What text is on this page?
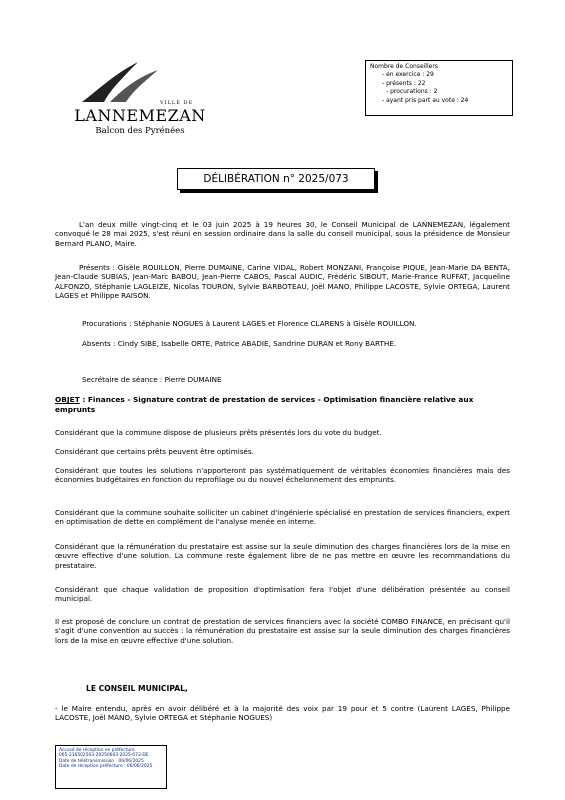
VILLE DE
LANNEMEZAN
Balcon des Pyrénées
Nombre de Conseillers
- en exercice : 29
- présents : 22
- procurations : 2
- ayant pris part au vote : 24
DÉLIBÉRATION n° 2025/073
L'an deux mille vingt-cinq et le 03 juin 2025 à 19 heures 30, le Conseil Municipal de LANNEMEZAN, légalement convoqué le 28 mai 2025, s'est réuni en session ordinaire dans la salle du conseil municipal, sous la présidence de Monsieur Bernard PLANO, Maire.
Présents : Gisèle ROUILLON, Pierre DUMAINE, Carine VIDAL, Robert MONZANI, Françoise PIQUE, Jean-Marie DA BENTA, Jean-Claude SUBIAS, Jean-Marc BABOU, Jean-Pierre CABOS, Pascal AUDIC, Frédéric SIBOUT, Marie-France RUFFAT, Jacqueline ALFONZO, Stéphanie LAGLEIZE, Nicolas TOURON, Sylvie BARBOTEAU, Joël MANO, Philippe LACOSTE, Sylvie ORTEGA, Laurent LAGES et Philippe RAISON.
Procurations : Stéphanie NOGUES à Laurent LAGES et Florence CLARENS à Gisèle ROUILLON.
Absents : Cindy SIBE, Isabelle ORTE, Patrice ABADIE, Sandrine DURAN et Rony BARTHE.
Secrétaire de séance : Pierre DUMAINE
OBJET : Finances - Signature contrat de prestation de services - Optimisation financière relative aux emprunts
Considérant que la commune dispose de plusieurs prêts présentés lors du vote du budget.
Considérant que certains prêts peuvent être optimisés.
Considérant que toutes les solutions n'apporteront pas systématiquement de véritables économies financières mais des économies budgétaires en fonction du reprofilage ou du nouvel échelonnement des emprunts.
Considérant que la commune souhaite solliciter un cabinet d'ingénierie spécialisé en prestation de services financiers, expert en optimisation de dette en complément de l'analyse menée en interne.
Considérant que la rémunération du prestataire est assise sur la seule diminution des charges financières lors de la mise en œuvre effective d'une solution. La commune reste également libre de ne pas mettre en œuvre les recommandations du prestataire.
Considérant que chaque validation de proposition d'optimisation fera l'objet d'une délibération présentée au conseil municipal.
Il est proposé de conclure un contrat de prestation de services financiers avec la société COMBO FINANCE, en précisant qu'il s'agit d'une convention au succès : la rémunération du prestataire est assise sur la seule diminution des charges financières lors de la mise en œuvre effective d'une solution.
LE CONSEIL MUNICIPAL,
- le Maire entendu, après en avoir délibéré et à la majorité des voix par 19 pour et 5 contre (Laurent LAGES, Philippe LACOSTE, Joël MANO, Sylvie ORTEGA et Stéphanie NOGUES)
Accusé de réception en préfecture
065-216502503-20250603-2025-073-DE
Date de télétransmission : 06/06/2025
Date de réception préfecture : 06/06/2025
